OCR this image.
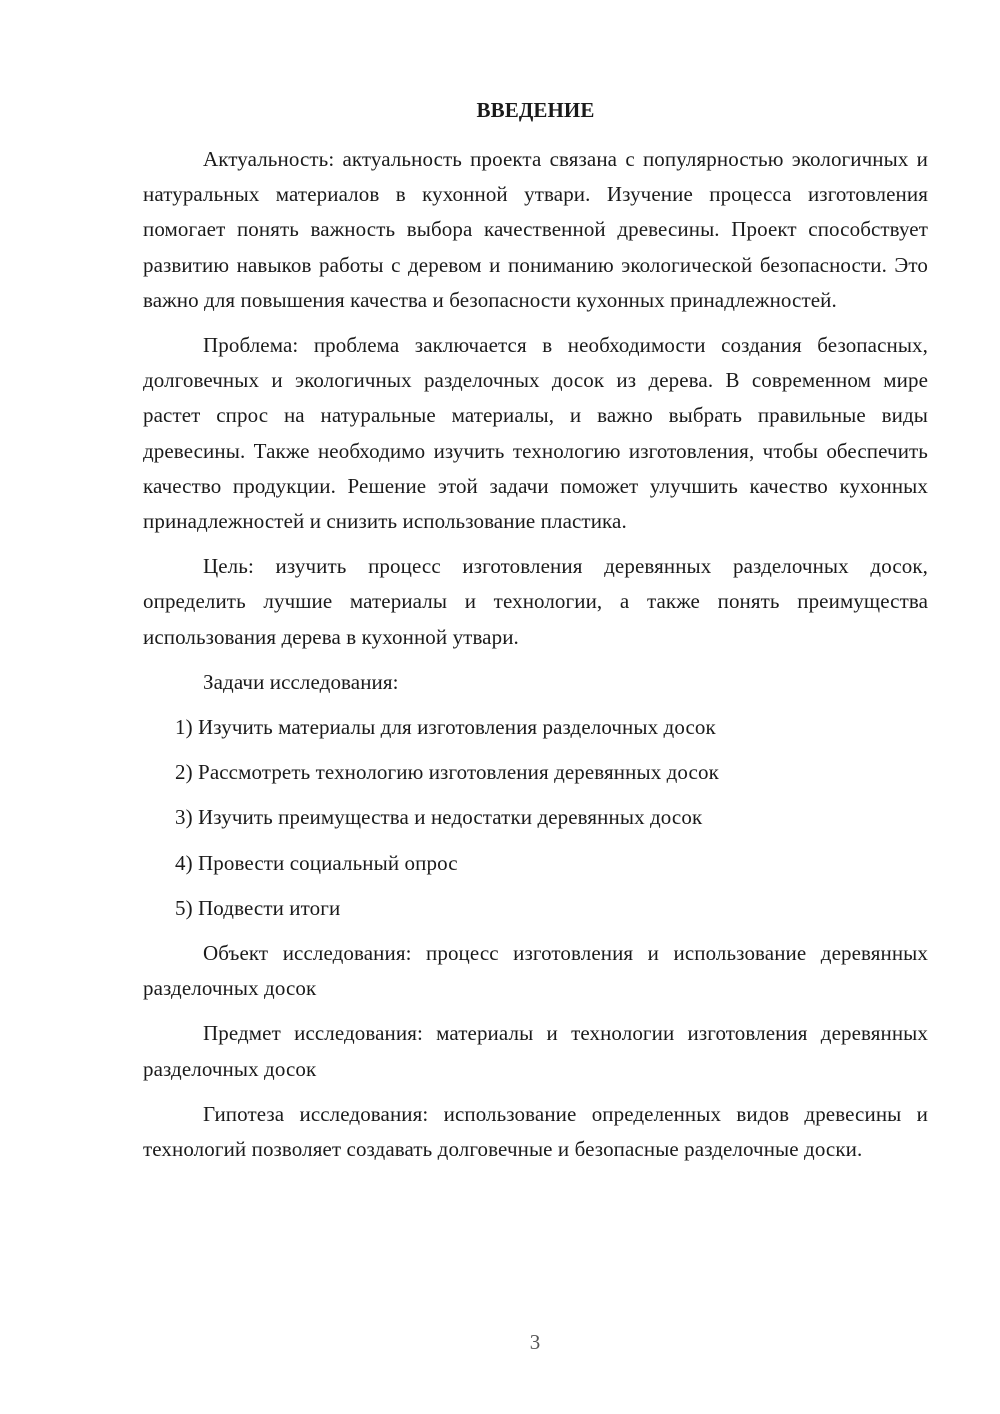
ВВЕДЕНИЕ

Актуальность: актуальность проекта связана с популярностью экологичных и натуральных материалов в кухонной утвари. Изучение процесса изготовления помогает понять важность выбора качественной древесины. Проект способствует развитию навыков работы с деревом и пониманию экологической безопасности. Это важно для повышения качества и безопасности кухонных принадлежностей.

Проблема: проблема заключается в необходимости создания безопасных, долговечных и экологичных разделочных досок из дерева. В современном мире растет спрос на натуральные материалы, и важно выбрать правильные виды древесины. Также необходимо изучить технологию изготовления, чтобы обеспечить качество продукции. Решение этой задачи поможет улучшить качество кухонных принадлежностей и снизить использование пластика.

Цель: изучить процесс изготовления деревянных разделочных досок, определить лучшие материалы и технологии, а также понять преимущества использования дерева в кухонной утвари.

Задачи исследования:

1) Изучить материалы для изготовления разделочных досок
2) Рассмотреть технологию изготовления деревянных досок
3) Изучить преимущества и недостатки деревянных досок
4) Провести социальный опрос
5) Подвести итоги

Объект исследования: процесс изготовления и использование деревянных разделочных досок

Предмет исследования: материалы и технологии изготовления деревянных разделочных досок

Гипотеза исследования: использование определенных видов древесины и технологий позволяет создавать долговечные и безопасные разделочные доски.

3
